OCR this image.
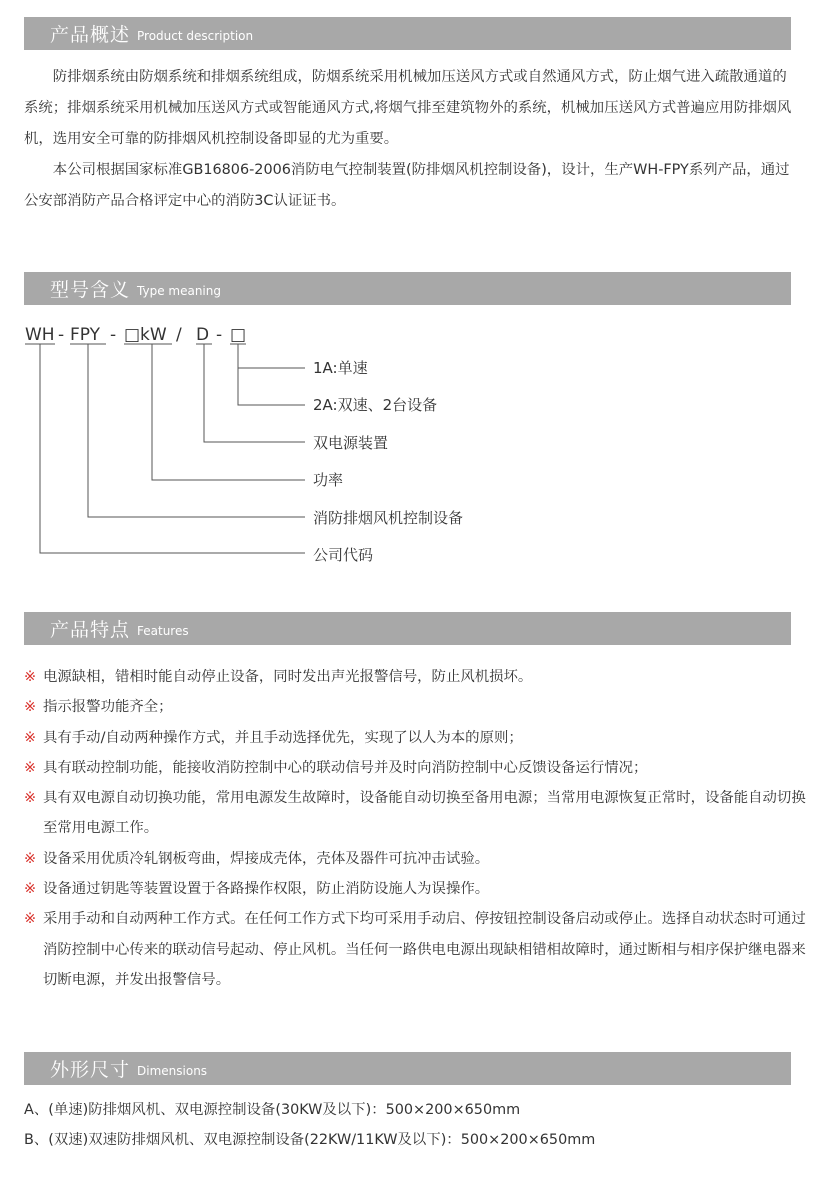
产品概述 Product description

防排烟系统由防烟系统和排烟系统组成，防烟系统采用机械加压送风方式或自然通风方式，防止烟气进入疏散通道的系统；排烟系统采用机械加压送风方式或智能通风方式,将烟气排至建筑物外的系统，机械加压送风方式普遍应用防排烟风机，选用安全可靠的防排烟风机控制设备即显的尤为重要。

本公司根据国家标准GB16806-2006消防电气控制装置(防排烟风机控制设备)，设计，生产WH-FPY系列产品，通过公安部消防产品合格评定中心的消防3C认证证书。

型号含义 Type meaning
WH - FPY - □kW / D - □
1A:单速
2A:双速、2台设备
双电源装置
功率
消防排烟风机控制设备
公司代码
产品特点 Features
※ 电源缺相，错相时能自动停止设备，同时发出声光报警信号，防止风机损坏。
※ 指示报警功能齐全；
※ 具有手动/自动两种操作方式，并且手动选择优先，实现了以人为本的原则；
※ 具有联动控制功能，能接收消防控制中心的联动信号并及时向消防控制中心反馈设备运行情况；
※ 具有双电源自动切换功能，常用电源发生故障时，设备能自动切换至备用电源；当常用电源恢复正常时，设备能自动切换至常用电源工作。
※ 设备采用优质冷轧钢板弯曲，焊接成壳体，壳体及器件可抗冲击试验。
※ 设备通过钥匙等装置设置于各路操作权限，防止消防设施人为误操作。
※ 采用手动和自动两种工作方式。在任何工作方式下均可采用手动启、停按钮控制设备启动或停止。选择自动状态时可通过消防控制中心传来的联动信号起动、停止风机。当任何一路供电电源出现缺相错相故障时，通过断相与相序保护继电器来切断电源，并发出报警信号。
外形尺寸 Dimensions
A、(单速)防排烟风机、双电源控制设备(30KW及以下)：500×200×650mm
B、(双速)双速防排烟风机、双电源控制设备(22KW/11KW及以下)：500×200×650mm
